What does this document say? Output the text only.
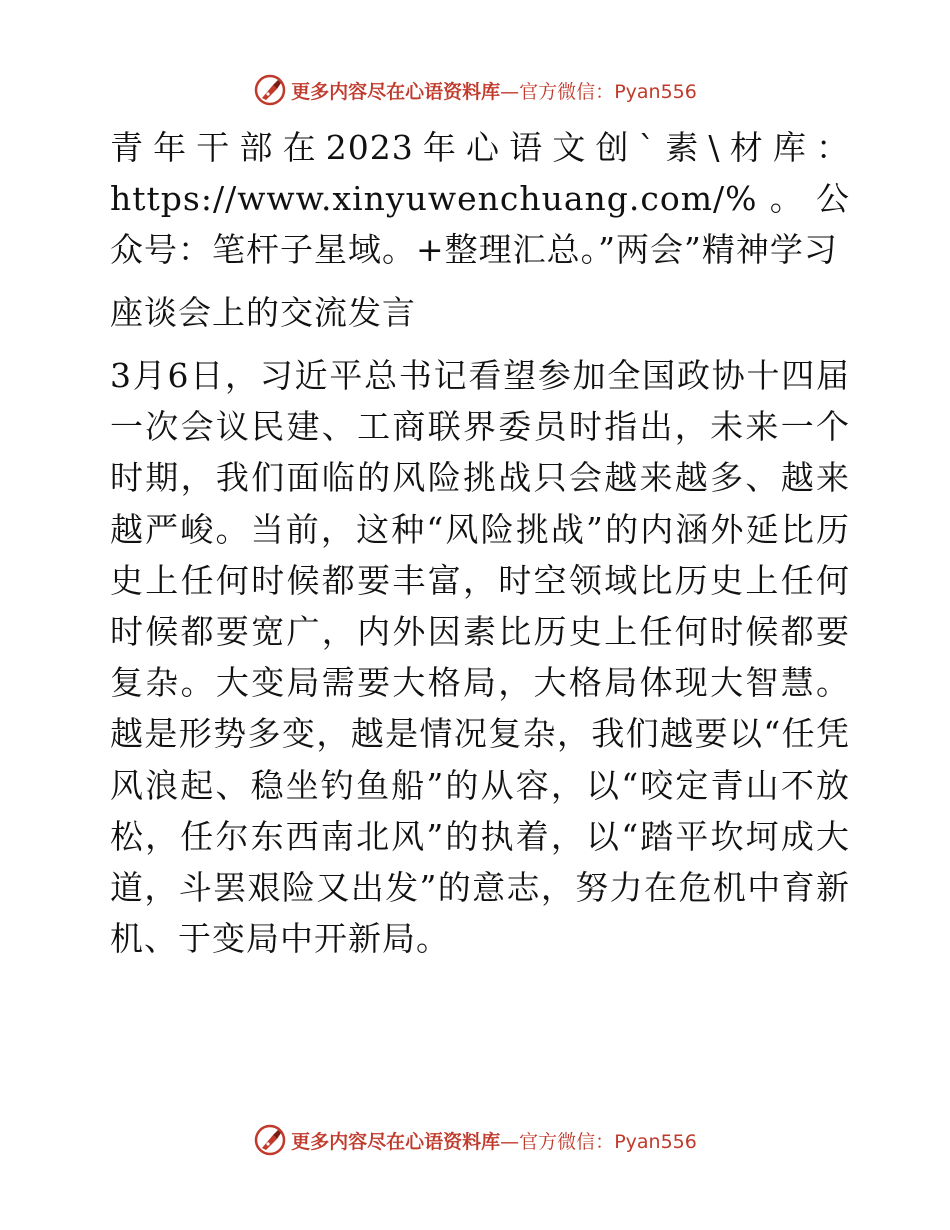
更多内容尽在心语资料库—官方微信：Pyan556

青年干部在2023年心语文创`素\材库：https://www.xinyuwenchuang.com/%。公众号：笔杆子星域。+整理汇总。”两会”精神学习

座谈会上的交流发言

3月6日，习近平总书记看望参加全国政协十四届一次会议民建、工商联界委员时指出，未来一个时期，我们面临的风险挑战只会越来越多、越来越严峻。当前，这种“风险挑战”的内涵外延比历史上任何时候都要丰富，时空领域比历史上任何时候都要宽广，内外因素比历史上任何时候都要复杂。大变局需要大格局，大格局体现大智慧。越是形势多变，越是情况复杂，我们越要以“任凭风浪起、稳坐钓鱼船”的从容，以“咬定青山不放松，任尔东西南北风”的执着，以“踏平坎坷成大道，斗罢艰险又出发”的意志，努力在危机中育新机、于变局中开新局。

更多内容尽在心语资料库—官方微信：Pyan556
